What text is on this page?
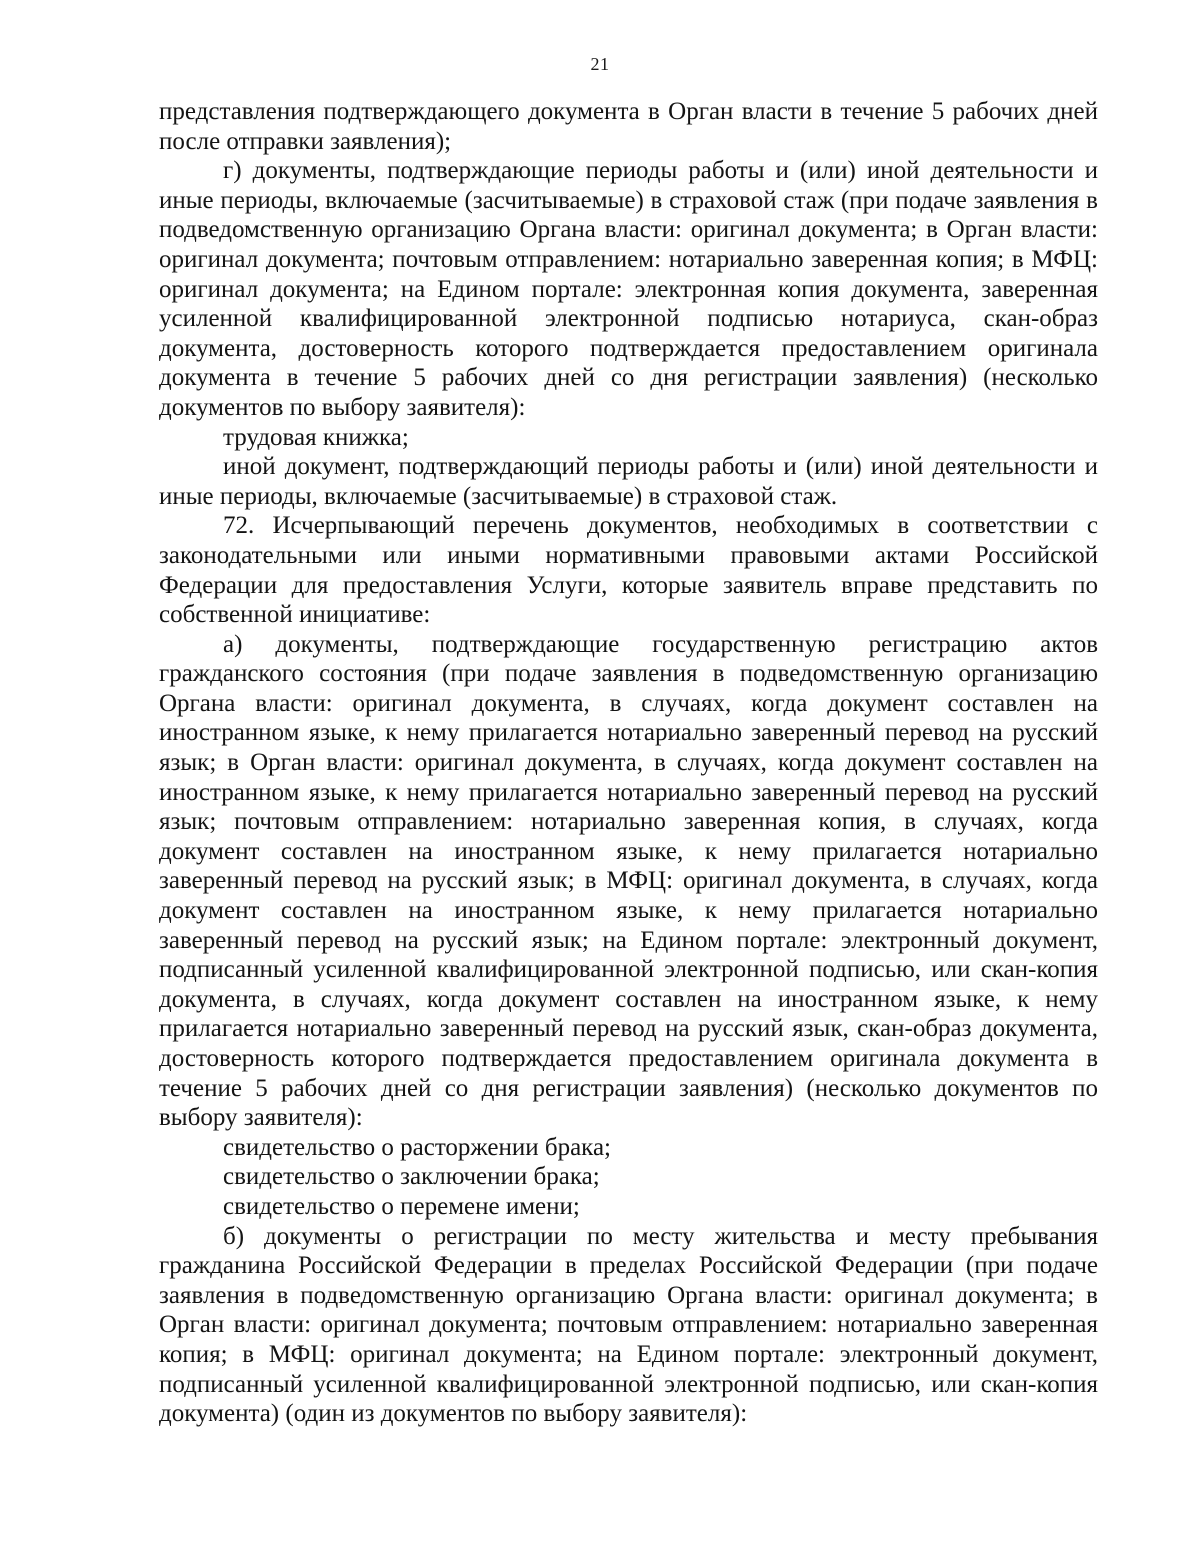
21

представления подтверждающего документа в Орган власти в течение 5 рабочих дней после отправки заявления);

г) документы, подтверждающие периоды работы и (или) иной деятельности и иные периоды, включаемые (засчитываемые) в страховой стаж (при подаче заявления в подведомственную организацию Органа власти: оригинал документа; в Орган власти: оригинал документа; почтовым отправлением: нотариально заверенная копия; в МФЦ: оригинал документа; на Едином портале: электронная копия документа, заверенная усиленной квалифицированной электронной подписью нотариуса, скан-образ документа, достоверность которого подтверждается предоставлением оригинала документа в течение 5 рабочих дней со дня регистрации заявления) (несколько документов по выбору заявителя):

трудовая книжка;

иной документ, подтверждающий периоды работы и (или) иной деятельности и иные периоды, включаемые (засчитываемые) в страховой стаж.

72. Исчерпывающий перечень документов, необходимых в соответствии с законодательными или иными нормативными правовыми актами Российской Федерации для предоставления Услуги, которые заявитель вправе представить по собственной инициативе:

а) документы, подтверждающие государственную регистрацию актов гражданского состояния (при подаче заявления в подведомственную организацию Органа власти: оригинал документа, в случаях, когда документ составлен на иностранном языке, к нему прилагается нотариально заверенный перевод на русский язык; в Орган власти: оригинал документа, в случаях, когда документ составлен на иностранном языке, к нему прилагается нотариально заверенный перевод на русский язык; почтовым отправлением: нотариально заверенная копия, в случаях, когда документ составлен на иностранном языке, к нему прилагается нотариально заверенный перевод на русский язык; в МФЦ: оригинал документа, в случаях, когда документ составлен на иностранном языке, к нему прилагается нотариально заверенный перевод на русский язык; на Едином портале: электронный документ, подписанный усиленной квалифицированной электронной подписью, или скан-копия документа, в случаях, когда документ составлен на иностранном языке, к нему прилагается нотариально заверенный перевод на русский язык, скан-образ документа, достоверность которого подтверждается предоставлением оригинала документа в течение 5 рабочих дней со дня регистрации заявления) (несколько документов по выбору заявителя):

свидетельство о расторжении брака;

свидетельство о заключении брака;

свидетельство о перемене имени;

б) документы о регистрации по месту жительства и месту пребывания гражданина Российской Федерации в пределах Российской Федерации (при подаче заявления в подведомственную организацию Органа власти: оригинал документа; в Орган власти: оригинал документа; почтовым отправлением: нотариально заверенная копия; в МФЦ: оригинал документа; на Едином портале: электронный документ, подписанный усиленной квалифицированной электронной подписью, или скан-копия документа) (один из документов по выбору заявителя):
